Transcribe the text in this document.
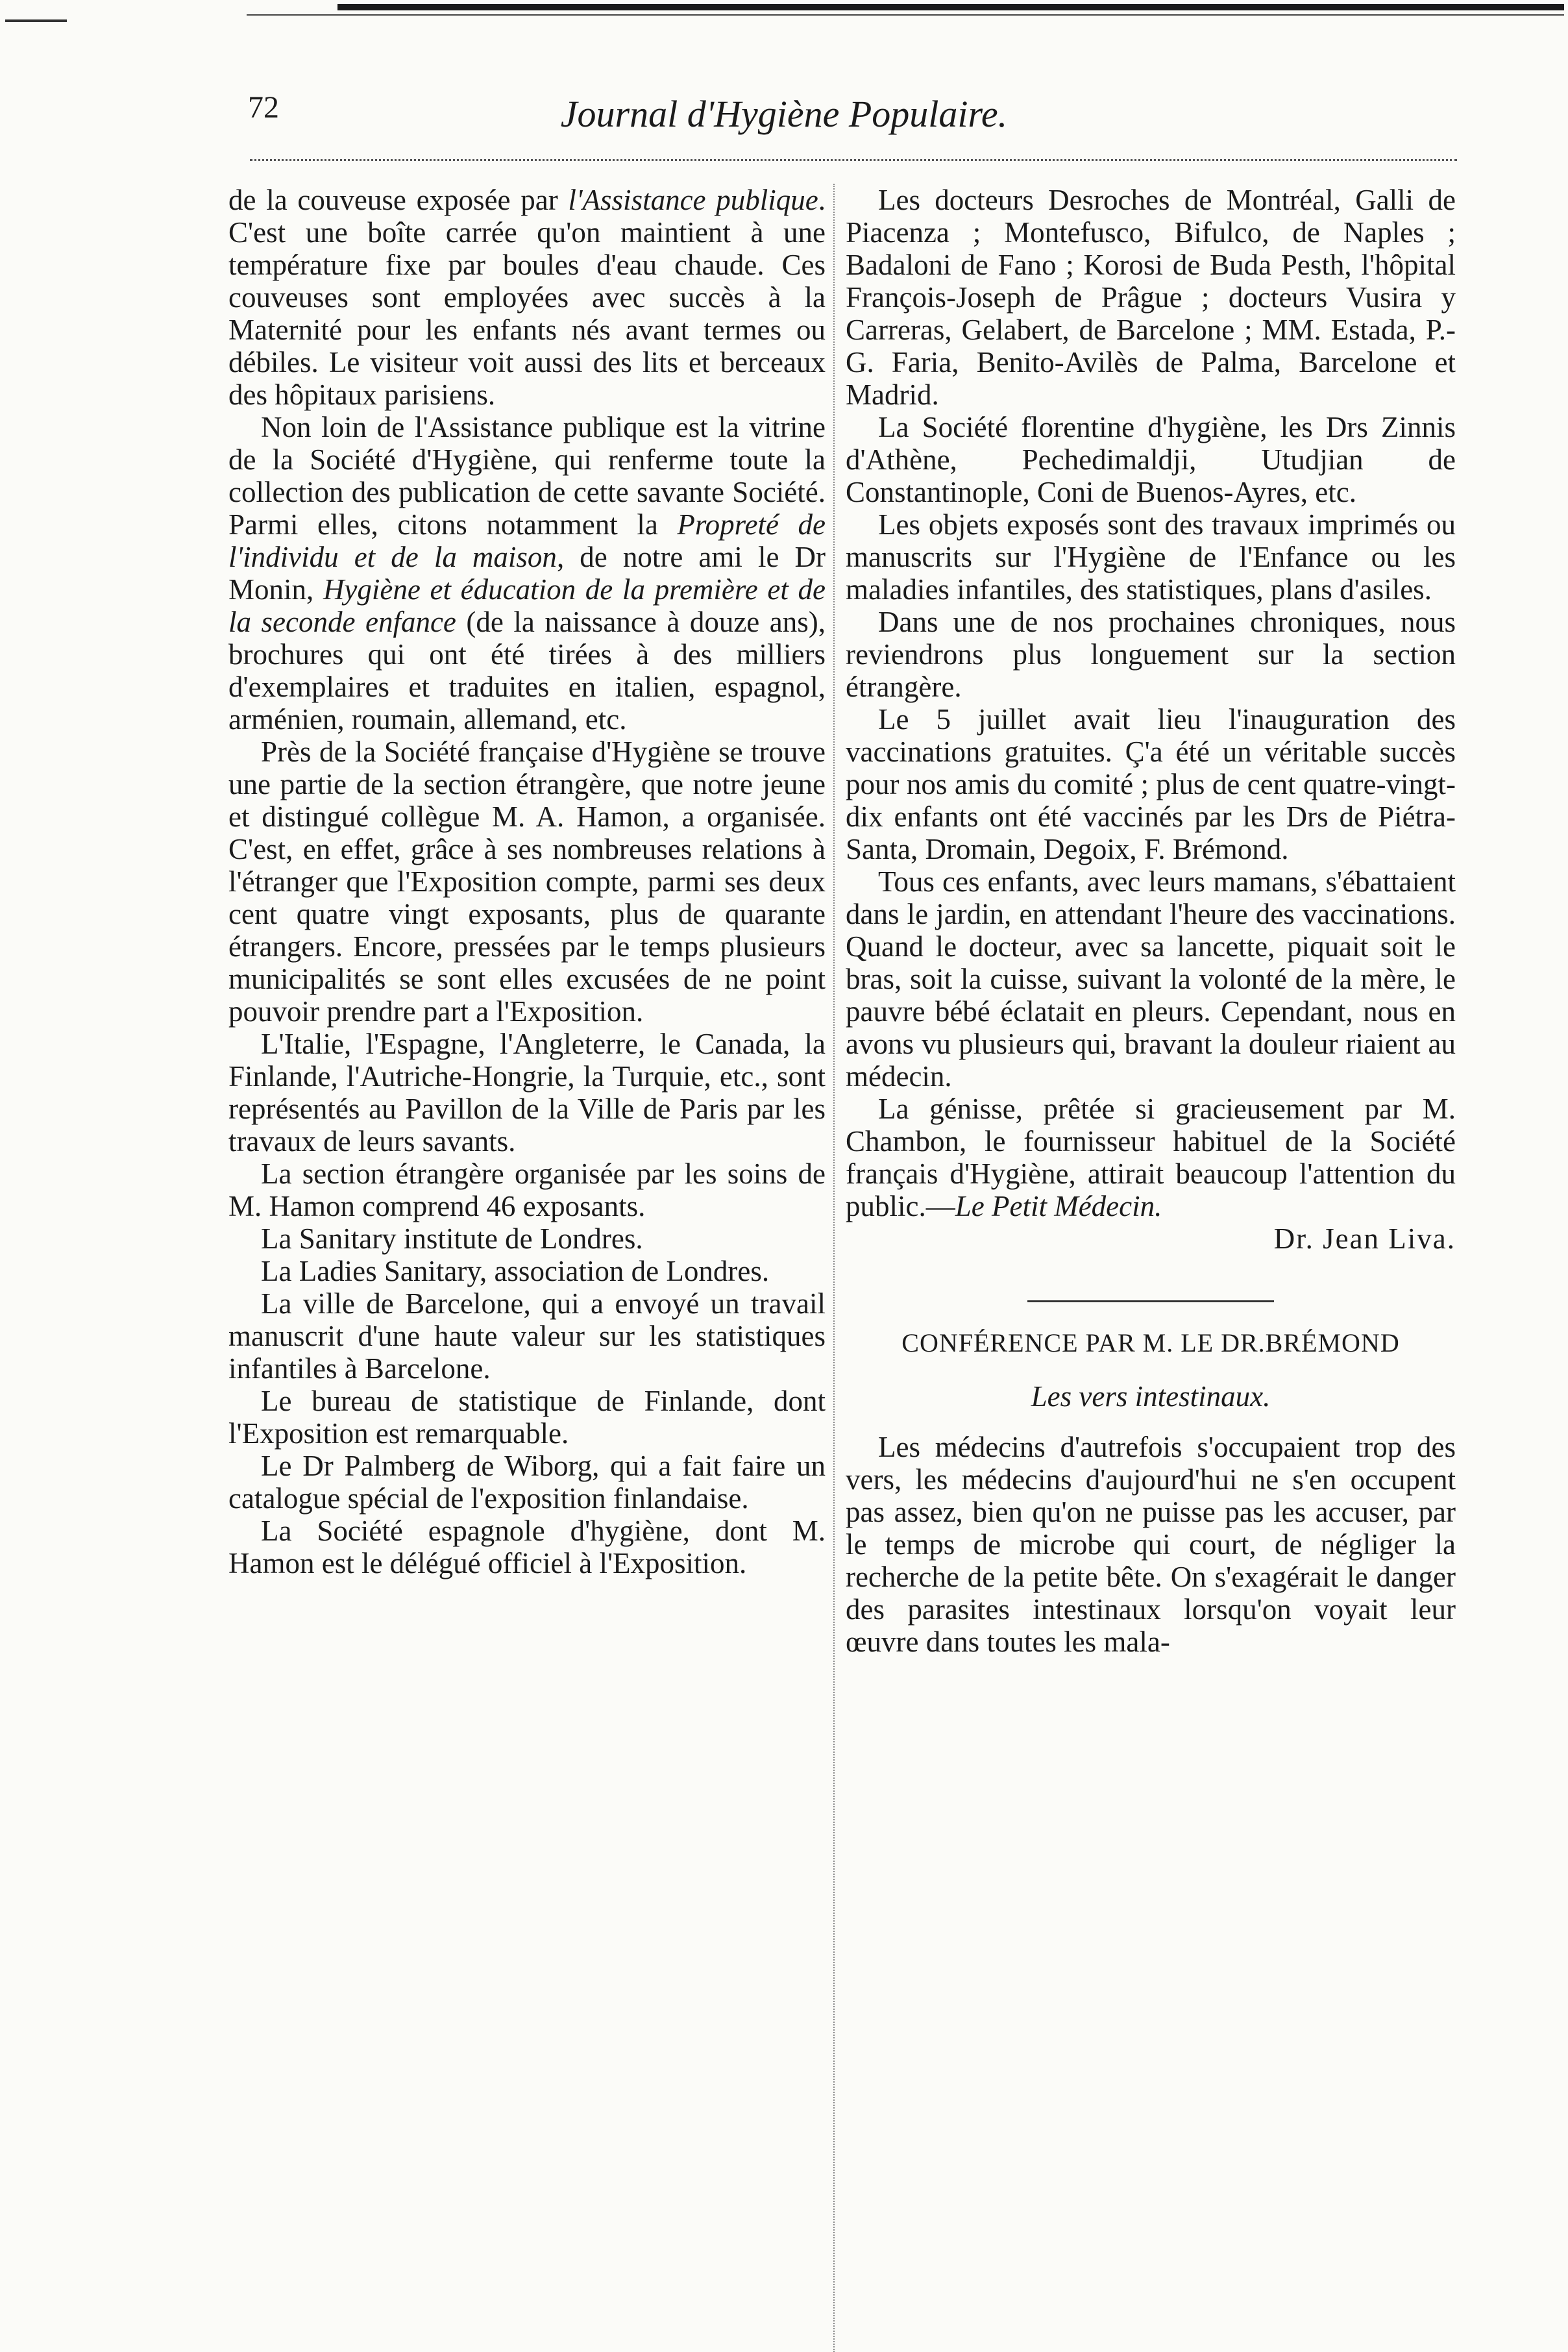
72	Journal d'Hygiène Populaire.

de la couveuse exposée par l'Assistance publique. C'est une boîte carrée qu'on maintient à une température fixe par boules d'eau chaude. Ces couveuses sont employées avec succès à la Maternité pour les enfants nés avant termes ou débiles. Le visiteur voit aussi des lits et berceaux des hôpitaux parisiens.

Non loin de l'Assistance publique est la vitrine de la Société d'Hygiène, qui renferme toute la collection des publication de cette savante Société. Parmi elles, citons notamment la Propreté de l'individu et de la maison, de notre ami le Dr Monin, Hygiène et éducation de la première et de la seconde enfance (de la naissance à douze ans), brochures qui ont été tirées à des milliers d'exemplaires et traduites en italien, espagnol, arménien, roumain, allemand, etc.

Près de la Société française d'Hygiène se trouve une partie de la section étrangère, que notre jeune et distingué collègue M. A. Hamon, a organisée. C'est, en effet, grâce à ses nombreuses relations à l'étranger que l'Exposition compte, parmi ses deux cent quatre vingt exposants, plus de quarante étrangers. Encore, pressées par le temps plusieurs municipalités se sont elles excusées de ne point pouvoir prendre part a l'Exposition.

L'Italie, l'Espagne, l'Angleterre, le Canada, la Finlande, l'Autriche-Hongrie, la Turquie, etc., sont représentés au Pavillon de la Ville de Paris par les travaux de leurs savants.

La section étrangère organisée par les soins de M. Hamon comprend 46 exposants.

La Sanitary institute de Londres.

La Ladies Sanitary, association de Londres.

La ville de Barcelone, qui a envoyé un travail manuscrit d'une haute valeur sur les statistiques infantiles à Barcelone.

Le bureau de statistique de Finlande, dont l'Exposition est remarquable.

Le Dr Palmberg de Wiborg, qui a fait faire un catalogue spécial de l'exposition finlandaise.

La Société espagnole d'hygiène, dont M. Hamon est le délégué officiel à l'Exposition.

Les docteurs Desroches de Montréal, Galli de Piacenza ; Montefusco, Bifulco, de Naples ; Badaloni de Fano ; Korosi de Buda Pesth, l'hôpital François-Joseph de Prâgue ; docteurs Vusira y Carreras, Gelabert, de Barcelone ; MM. Estada, P.-G. Faria, Benito-Avilès de Palma, Barcelone et Madrid.

La Société florentine d'hygiène, les Drs Zinnis d'Athène, Pechedimaldji, Utudjian de Constantinople, Coni de Buenos-Ayres, etc.

Les objets exposés sont des travaux imprimés ou manuscrits sur l'Hygiène de l'Enfance ou les maladies infantiles, des statistiques, plans d'asiles.

Dans une de nos prochaines chroniques, nous reviendrons plus longuement sur la section étrangère.

Le 5 juillet avait lieu l'inauguration des vaccinations gratuites. Ç'a été un véritable succès pour nos amis du comité ; plus de cent quatre-vingt-dix enfants ont été vaccinés par les Drs de Piétra-Santa, Dromain, Degoix, F. Brémond.

Tous ces enfants, avec leurs mamans, s'ébattaient dans le jardin, en attendant l'heure des vaccinations. Quand le docteur, avec sa lancette, piquait soit le bras, soit la cuisse, suivant la volonté de la mère, le pauvre bébé éclatait en pleurs. Cependant, nous en avons vu plusieurs qui, bravant la douleur riaient au médecin.

La génisse, prêtée si gracieusement par M. Chambon, le fournisseur habituel de la Société français d'Hygiène, attirait beaucoup l'attention du public.—Le Petit Médecin.

Dr. Jean Liva.

CONFÉRENCE PAR M. LE DR.BRÉMOND
Les vers intestinaux.

Les médecins d'autrefois s'occupaient trop des vers, les médecins d'aujourd'hui ne s'en occupent pas assez, bien qu'on ne puisse pas les accuser, par le temps de microbe qui court, de négliger la recherche de la petite bête. On s'exagérait le danger des parasites intestinaux lorsqu'on voyait leur œuvre dans toutes les mala-
